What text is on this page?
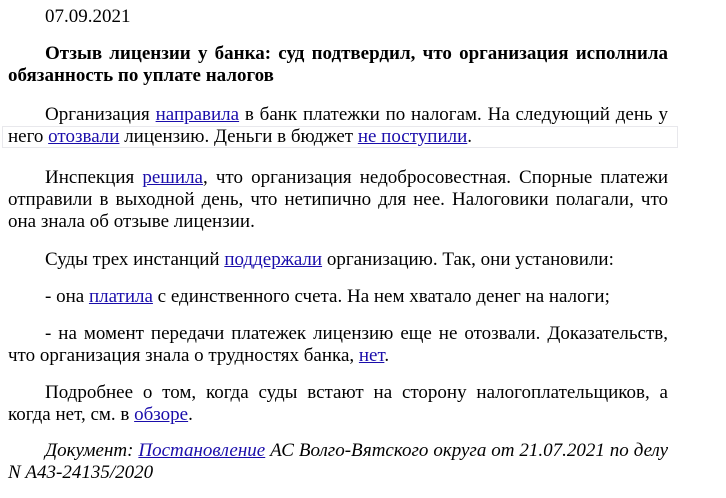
07.09.2021
Отзыв лицензии у банка: суд подтвердил, что организация исполнила обязанность по уплате налогов
Организация направила в банк платежки по налогам. На следующий день у него отозвали лицензию. Деньги в бюджет не поступили.
Инспекция решила, что организация недобросовестная. Спорные платежи отправили в выходной день, что нетипично для нее. Налоговики полагали, что она знала об отзыве лицензии.
Суды трех инстанций поддержали организацию. Так, они установили:
- она платила с единственного счета. На нем хватало денег на налоги;
- на момент передачи платежек лицензию еще не отозвали. Доказательств, что организация знала о трудностях банка, нет.
Подробнее о том, когда суды встают на сторону налогоплательщиков, а когда нет, см. в обзоре.
Документ: Постановление АС Волго-Вятского округа от 21.07.2021 по делу N А43-24135/2020
